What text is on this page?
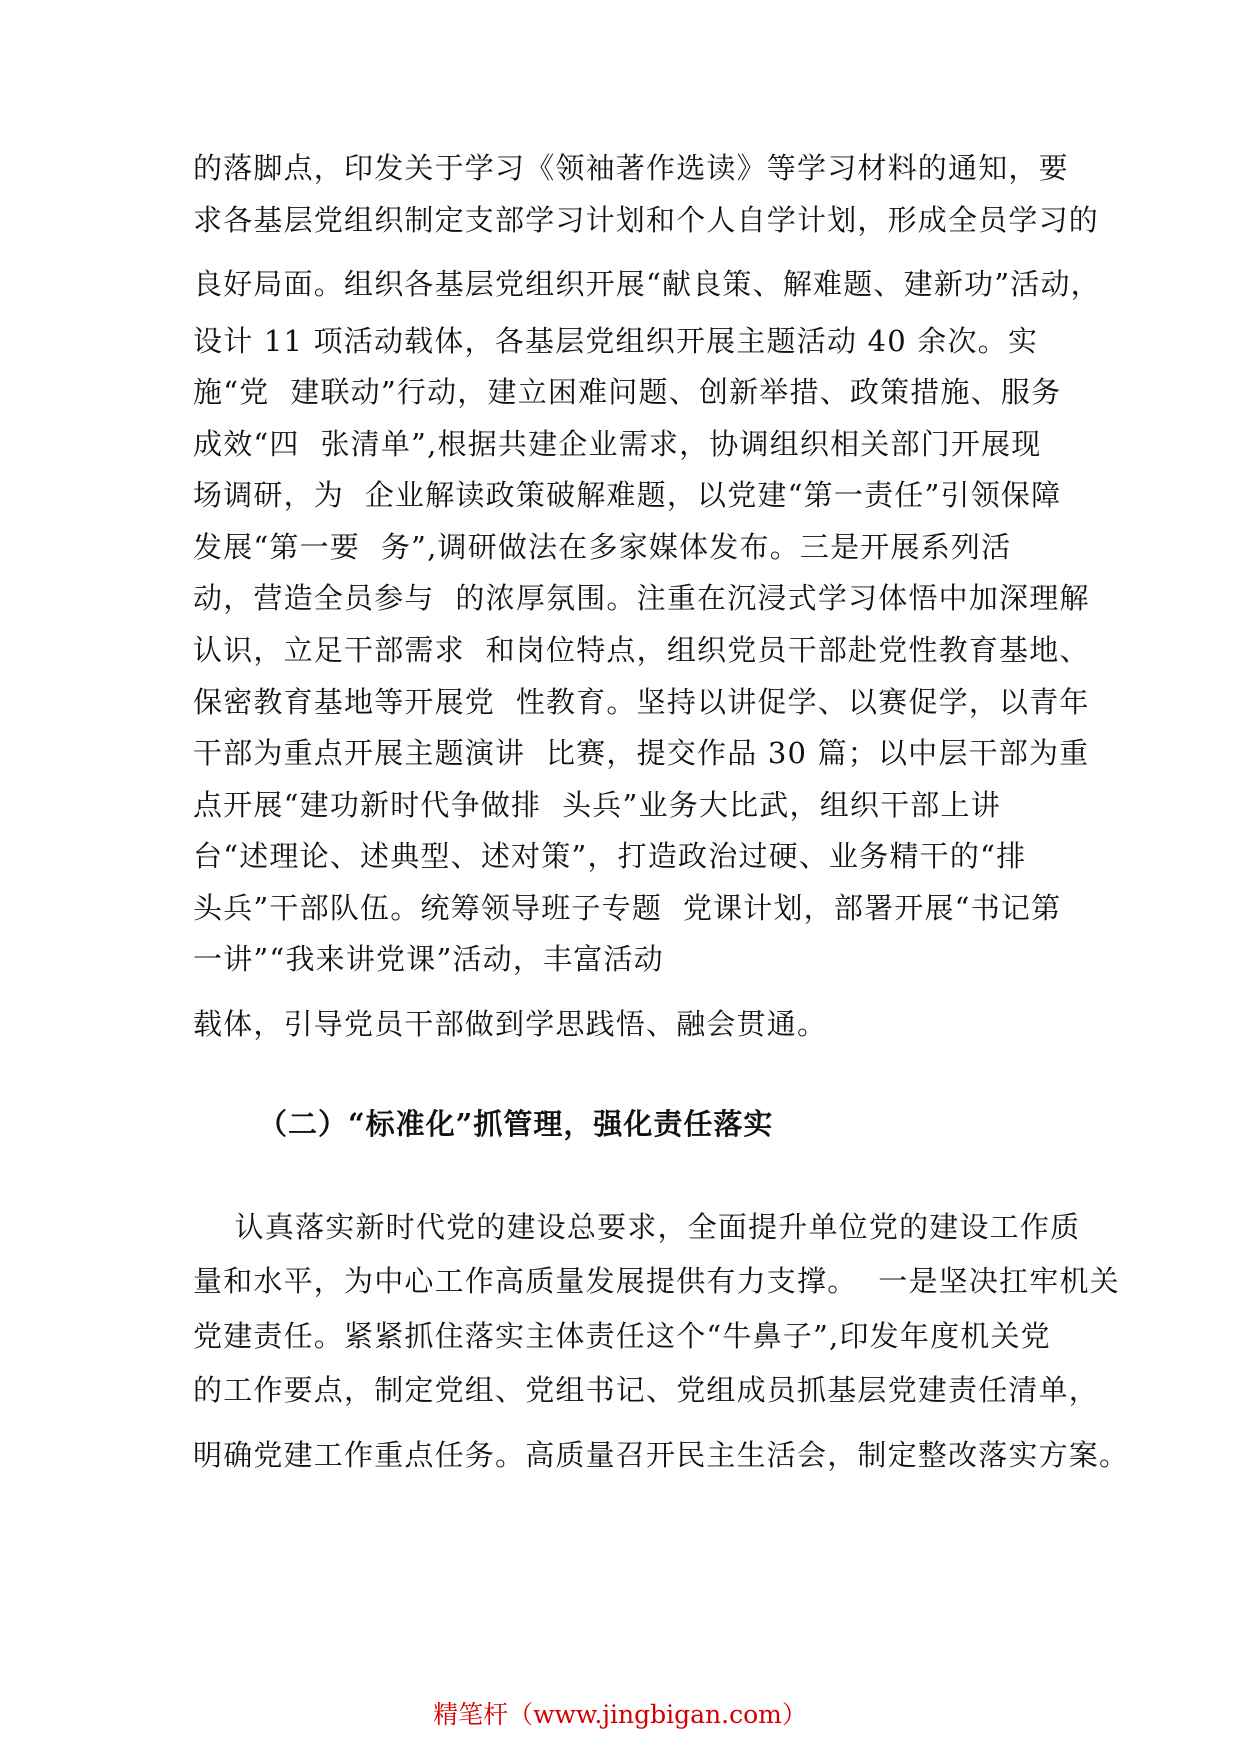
的落脚点，印发关于学习《领袖著作选读》等学习材料的通知，要
求各基层党组织制定支部学习计划和个人自学计划，形成全员学习的
良好局面。组织各基层党组织开展“献良策、解难题、建新功”活动，
设计 11 项活动载体，各基层党组织开展主题活动 40 余次。实
施“党  建联动”行动，建立困难问题、创新举措、政策措施、服务
成效“四  张清单”,根据共建企业需求，协调组织相关部门开展现
场调研，为  企业解读政策破解难题，以党建“第一责任”引领保障
发展“第一要  务”,调研做法在多家媒体发布。三是开展系列活
动，营造全员参与  的浓厚氛围。注重在沉浸式学习体悟中加深理解
认识，立足干部需求  和岗位特点，组织党员干部赴党性教育基地、
保密教育基地等开展党  性教育。坚持以讲促学、以赛促学，以青年
干部为重点开展主题演讲  比赛，提交作品 30 篇；以中层干部为重
点开展“建功新时代争做排  头兵”业务大比武，组织干部上讲
台“述理论、述典型、述对策”，打造政治过硬、业务精干的“排
头兵”干部队伍。统筹领导班子专题  党课计划，部署开展“书记第
一讲”“我来讲党课”活动，丰富活动
载体，引导党员干部做到学思践悟、融会贯通。
（二）“标准化”抓管理，强化责任落实
认真落实新时代党的建设总要求，全面提升单位党的建设工作质
量和水平，为中心工作高质量发展提供有力支撑。  一是坚决扛牢机关
党建责任。紧紧抓住落实主体责任这个“牛鼻子”,印发年度机关党
的工作要点，制定党组、党组书记、党组成员抓基层党建责任清单，
明确党建工作重点任务。高质量召开民主生活会，制定整改落实方案。
精笔杆（www.jingbigan.com）
